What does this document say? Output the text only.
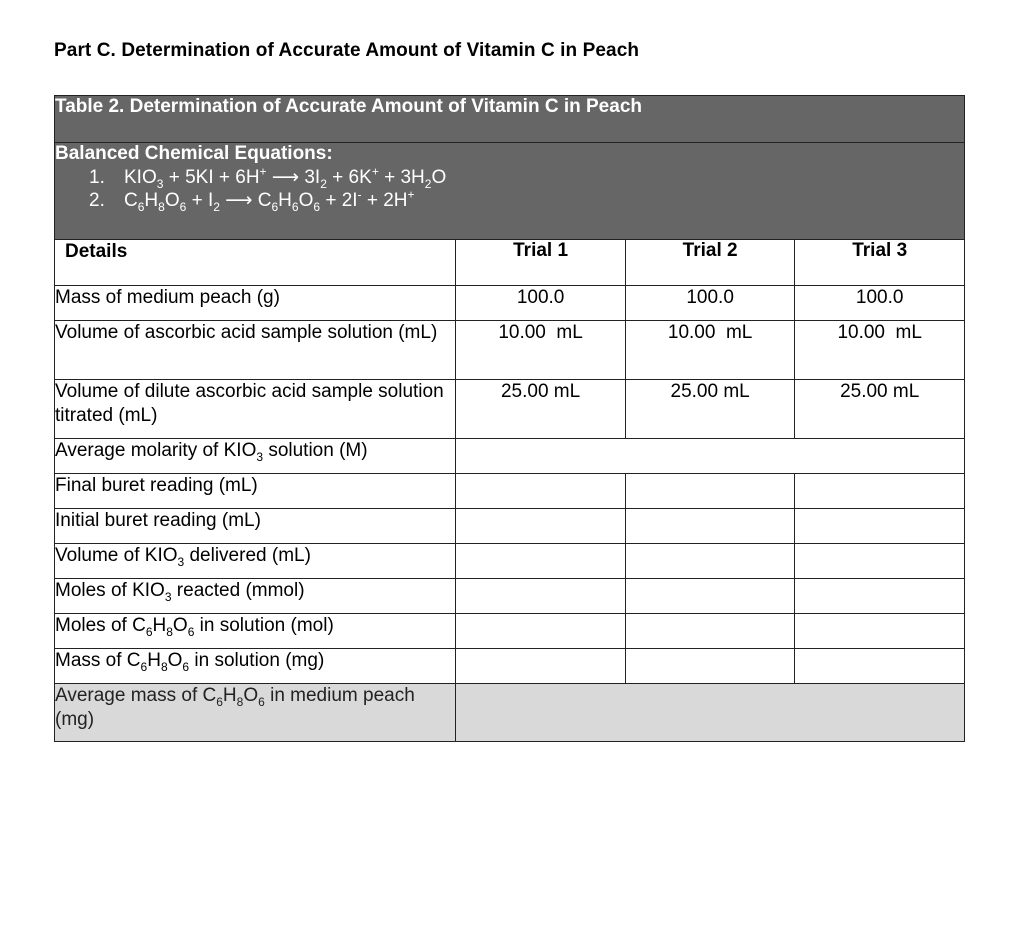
Part C. Determination of Accurate Amount of Vitamin C in Peach
Table 2. Determination of Accurate Amount of Vitamin C in Peach			

Balanced Chemical Equations:
1. $KIO_3 + 5KI + 6H^+$ ⟶ $3I_2 + 6K^+ + 3H_2O$
2. $C_6H_8O_6 + I_2$ ⟶ $C_6H_6O_6 + 2I^- + 2H^+$

Details	Trial 1	Trial 2	Trial 3
Mass of medium peach (g)	100.0	100.0	100.0
Volume of ascorbic acid sample solution (mL)	10.00  mL	10.00  mL	10.00  mL
Volume of dilute ascorbic acid sample solution titrated (mL)	25.00 mL	25.00 mL	25.00 mL
Average molarity of $KIO_3$ solution (M)			
Final buret reading (mL)			
Initial buret reading (mL)			
Volume of $KIO_3$ delivered (mL)			
Moles of $KIO_3$ reacted (mmol)			
Moles of $C_6H_8O_6$ in solution (mol)			
Mass of $C_6H_8O_6$ in solution (mg)			
Average mass of $C_6H_8O_6$ in medium peach (mg)			
